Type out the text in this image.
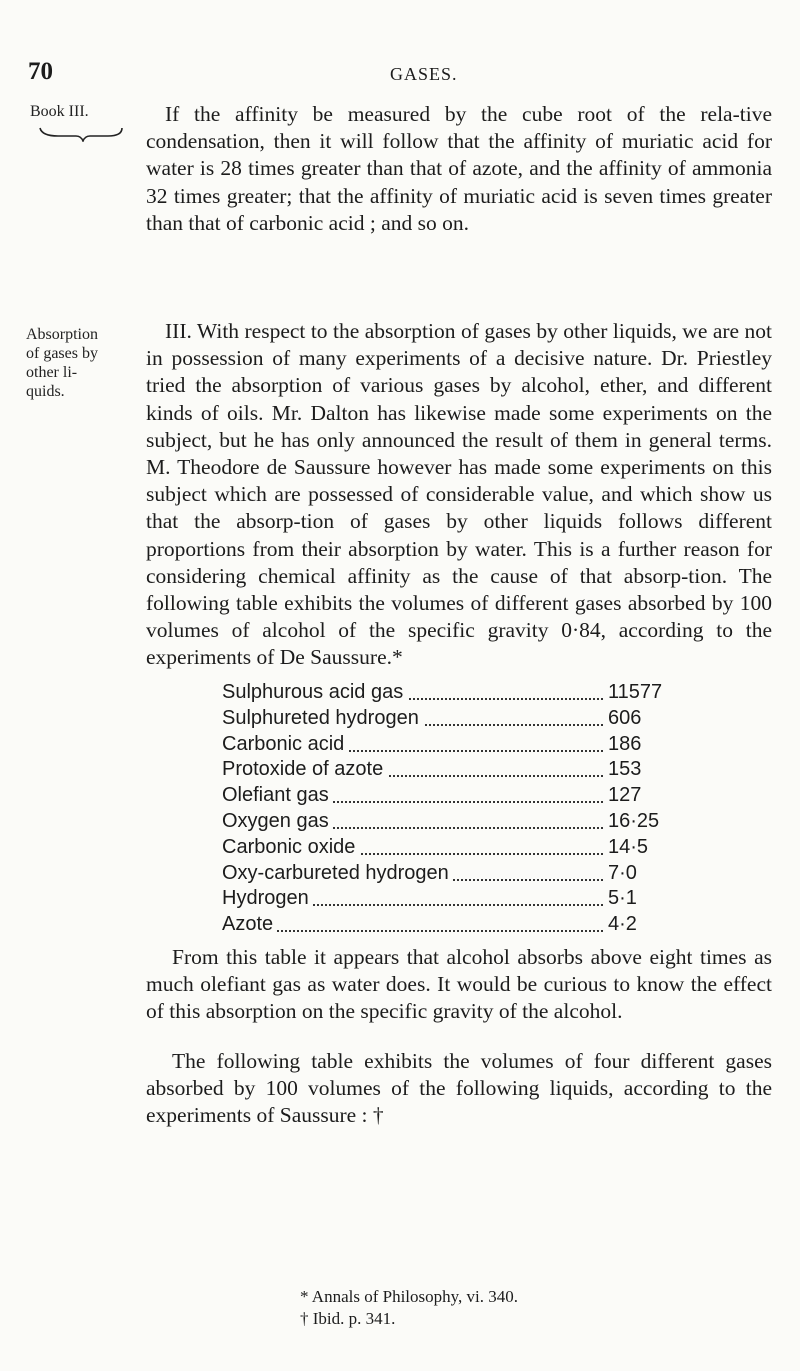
70	GASES.
Book III.
Absorption
of gases by
other li-
quids.

If the affinity be measured by the cube root of the rela-tive condensation, then it will follow that the affinity of muriatic acid for water is 28 times greater than that of azote, and the affinity of ammonia 32 times greater; that the affinity of muriatic acid is seven times greater than that of carbonic acid ; and so on.

III. With respect to the absorption of gases by other liquids, we are not in possession of many experiments of a decisive nature. Dr. Priestley tried the absorption of various gases by alcohol, ether, and different kinds of oils. Mr. Dalton has likewise made some experiments on the subject, but he has only announced the result of them in general terms. M. Theodore de Saussure however has made some experiments on this subject which are possessed of considerable value, and which show us that the absorp-tion of gases by other liquids follows different proportions from their absorption by water. This is a further reason for considering chemical affinity as the cause of that absorp-tion. The following table exhibits the volumes of different gases absorbed by 100 volumes of alcohol of the specific gravity 0·84, according to the experiments of De Saussure.*

Sulphurous acid gas	11577
Sulphureted hydrogen	606
Carbonic acid	186
Protoxide of azote	153
Olefiant gas	127
Oxygen gas	16·25
Carbonic oxide	14·5
Oxy-carbureted hydrogen	7·0
Hydrogen	5·1
Azote	4·2

From this table it appears that alcohol absorbs above eight times as much olefiant gas as water does. It would be curious to know the effect of this absorption on the specific gravity of the alcohol.

The following table exhibits the volumes of four different gases absorbed by 100 volumes of the following liquids, according to the experiments of Saussure : †

* Annals of Philosophy, vi. 340.
† Ibid. p. 341.
